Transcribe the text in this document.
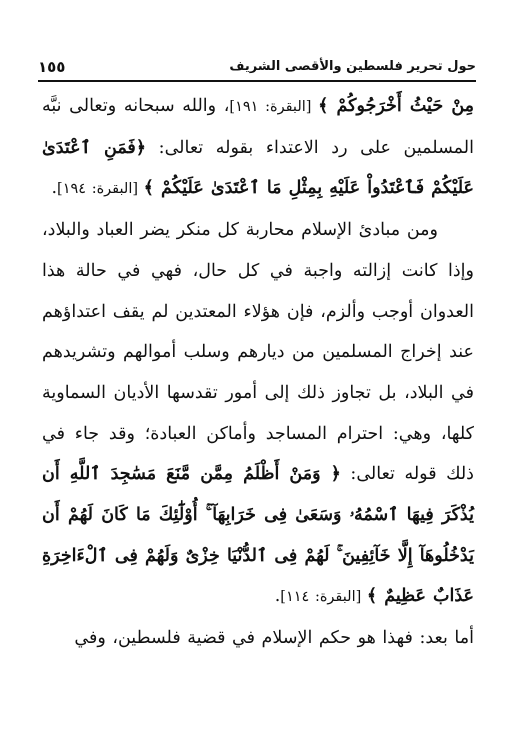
حول تحرير فلسطين والأقصى الشريف
١٥٥

مِنْ حَيْثُ أَخْرَجُوكُمْ ﴾ [البقرة: ١٩١]، والله سبحانه وتعالى نبَّه المسلمين على رد الاعتداء بقوله تعالى: ﴿فَمَنِ ٱعْتَدَىٰ عَلَيْكُمْ فَٱعْتَدُواْ عَلَيْهِ بِمِثْلِ مَا ٱعْتَدَىٰ عَلَيْكُمْ ﴾ [البقرة: ١٩٤].

ومن مبادئ الإسلام محاربة كل منكر يضر العباد والبلاد، وإذا كانت إزالته واجبة في كل حال، فهي في حالة هذا العدوان أوجب وألزم، فإن هؤلاء المعتدين لم يقف اعتداؤهم عند إخراج المسلمين من ديارهم وسلب أموالهم وتشريدهم في البلاد، بل تجاوز ذلك إلى أمور تقدسها الأديان السماوية كلها، وهي: احترام المساجد وأماكن العبادة؛ وقد جاء في ذلك قوله تعالى: ﴿ وَمَنْ أَظْلَمُ مِمَّن مَّنَعَ مَسَٰجِدَ ٱللَّهِ أَن يُذْكَرَ فِيهَا ٱسْمُهُۥ وَسَعَىٰ فِى خَرَابِهَآ ۚ أُوْلَٰٓئِكَ مَا كَانَ لَهُمْ أَن يَدْخُلُوهَآ إِلَّا خَآئِفِينَ ۚ لَهُمْ فِى ٱلدُّنْيَا خِزْىٌ وَلَهُمْ فِى ٱلْءَاخِرَةِ عَذَابٌ عَظِيمٌ ﴾ [البقرة: ١١٤].

أما بعد: فهذا هو حكم الإسلام في قضية فلسطين، وفي
